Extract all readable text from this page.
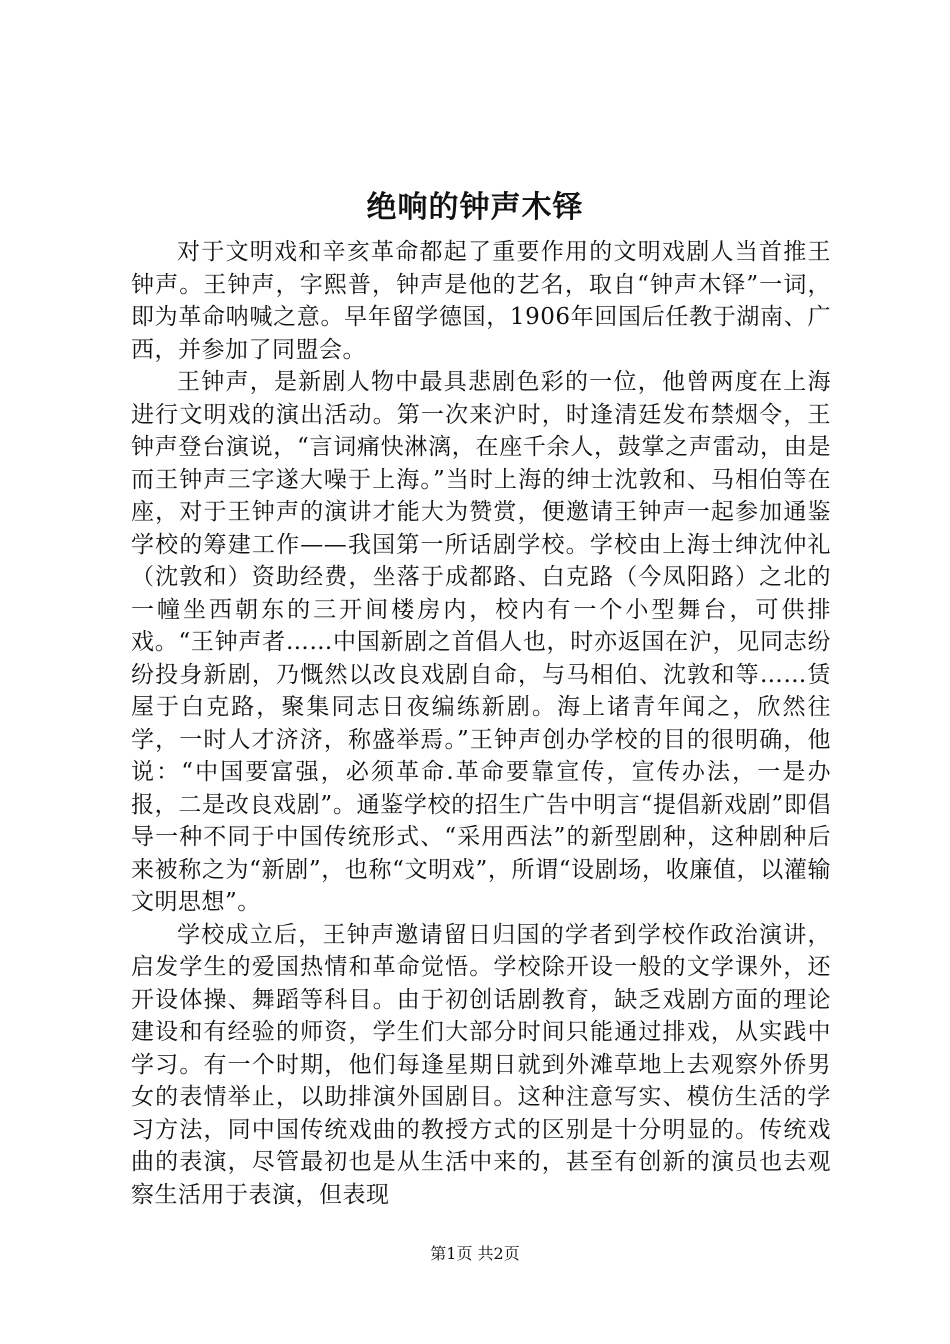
绝响的钟声木铎

对于文明戏和辛亥革命都起了重要作用的文明戏剧人当首推王钟声。王钟声，字熙普，钟声是他的艺名，取自“钟声木铎”一词，即为革命呐喊之意。早年留学德国，1906年回国后任教于湖南、广西，并参加了同盟会。

王钟声，是新剧人物中最具悲剧色彩的一位，他曾两度在上海进行文明戏的演出活动。第一次来沪时，时逢清廷发布禁烟令，王钟声登台演说，“言词痛快淋漓，在座千余人，鼓掌之声雷动，由是而王钟声三字遂大噪于上海。”当时上海的绅士沈敦和、马相伯等在座，对于王钟声的演讲才能大为赞赏，便邀请王钟声一起参加通鉴学校的筹建工作——我国第一所话剧学校。学校由上海士绅沈仲礼（沈敦和）资助经费，坐落于成都路、白克路（今凤阳路）之北的一幢坐西朝东的三开间楼房内，校内有一个小型舞台，可供排戏。“王钟声者……中国新剧之首倡人也，时亦返国在沪，见同志纷纷投身新剧，乃慨然以改良戏剧自命，与马相伯、沈敦和等……赁屋于白克路，聚集同志日夜编练新剧。海上诸青年闻之，欣然往学，一时人才济济，称盛举焉。”王钟声创办学校的目的很明确，他说：“中国要富强，必须革命.革命要靠宣传，宣传办法，一是办报，二是改良戏剧”。通鉴学校的招生广告中明言“提倡新戏剧”即倡导一种不同于中国传统形式、“采用西法”的新型剧种，这种剧种后来被称之为“新剧”，也称“文明戏”，所谓“设剧场，收廉值，以灌输文明思想”。

学校成立后，王钟声邀请留日归国的学者到学校作政治演讲，启发学生的爱国热情和革命觉悟。学校除开设一般的文学课外，还开设体操、舞蹈等科目。由于初创话剧教育，缺乏戏剧方面的理论建设和有经验的师资，学生们大部分时间只能通过排戏，从实践中学习。有一个时期，他们每逢星期日就到外滩草地上去观察外侨男女的表情举止，以助排演外国剧目。这种注意写实、模仿生活的学习方法，同中国传统戏曲的教授方式的区别是十分明显的。传统戏曲的表演，尽管最初也是从生活中来的，甚至有创新的演员也去观察生活用于表演，但表现

第1页 共2页
